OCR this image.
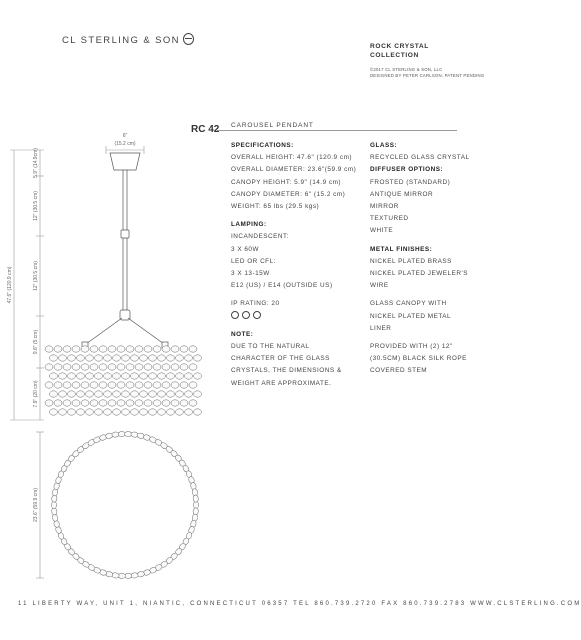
CL STERLING & SON
ROCK CRYSTAL
COLLECTION
©2017 CL STERLING & SON, LLC
DESIGNED BY PETER CARLSON, PATENT PENDING
RC 42 CAROUSEL PENDANT
6"
(15.2 cm)
47.6" (120.9 cm)
5.9" (14.9cm)
12" (30.5 cm)
12" (30.5 cm)
9.8" (5 cm)
7.9" (20 cm)
23.6" (59.9 cm)
SPECIFICATIONS:
OVERALL HEIGHT: 47.6" (120.9 cm)
OVERALL DIAMETER: 23.6"(59.9 cm)
CANOPY HEIGHT: 5.9" (14.9 cm)
CANOPY DIAMETER: 6" (15.2 cm)
WEIGHT: 65 lbs (29.5 kgs)
LAMPING:
INCANDESCENT:
3 X 60W
LED OR CFL:
3 X 13-15W
E12 (US) / E14 (OUTSIDE US)
IP RATING: 20
NOTE:
DUE TO THE NATURAL
CHARACTER OF THE GLASS
CRYSTALS, THE DIMENSIONS &
WEIGHT ARE APPROXIMATE.
GLASS:
RECYCLED GLASS CRYSTAL
DIFFUSER OPTIONS:
FROSTED (STANDARD)
ANTIQUE MIRROR
MIRROR
TEXTURED
WHITE
METAL FINISHES:
NICKEL PLATED BRASS
NICKEL PLATED JEWELER'S
WIRE
GLASS CANOPY WITH
NICKEL PLATED METAL
LINER
PROVIDED WITH (2) 12"
(30.5CM) BLACK SILK ROPE
COVERED STEM
11 LIBERTY WAY, UNIT 1, NIANTIC, CONNECTICUT 06357 TEL 860.739.2720 FAX 860.739.2783 WWW.CLSTERLING.COM
